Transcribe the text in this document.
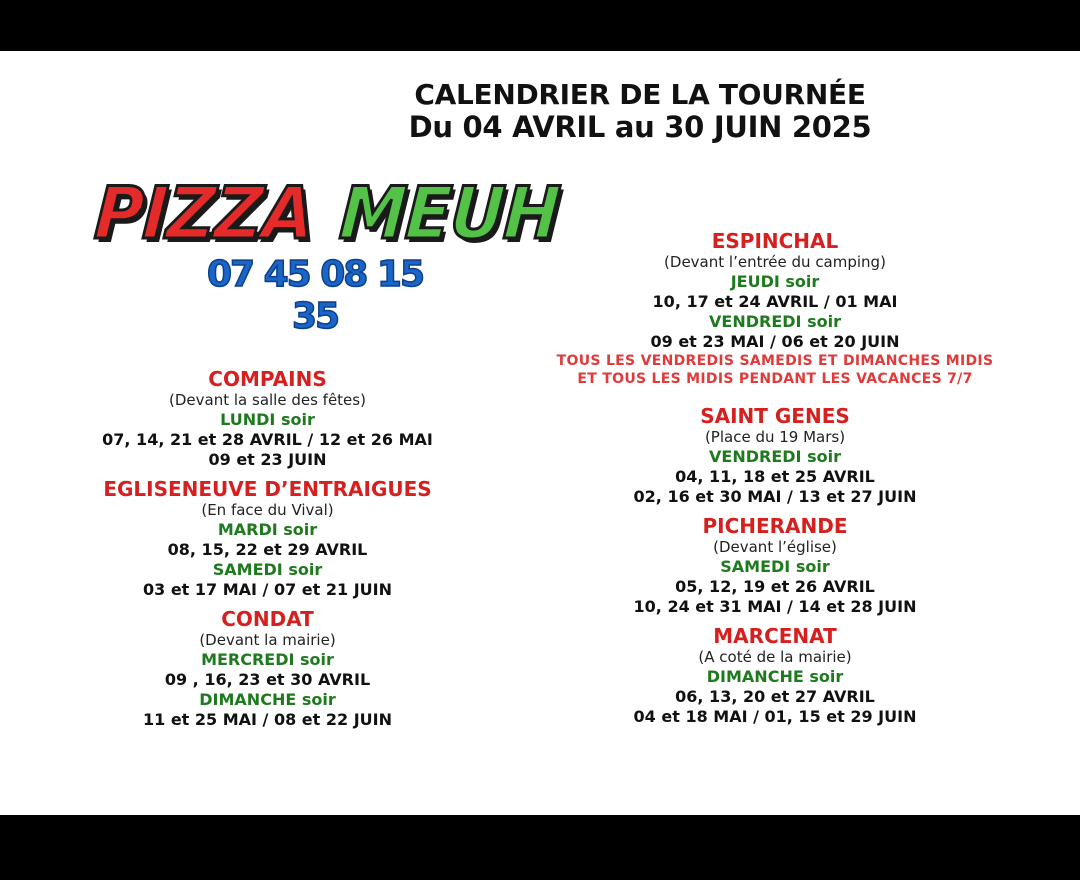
CALENDRIER DE LA TOURNÉE
Du 04 AVRIL au 30 JUIN 2025
PIZZA MEUH
07 45 08 15 35
COMPAINS
(Devant la salle des fêtes)
LUNDI soir
07, 14, 21 et 28 AVRIL / 12 et 26 MAI
09 et 23 JUIN
EGLISENEUVE D’ENTRAIGUES
(En face du Vival)
MARDI soir
08, 15, 22 et 29 AVRIL
SAMEDI soir
03 et 17 MAI / 07 et 21 JUIN
CONDAT
(Devant la mairie)
MERCREDI soir
09 , 16, 23 et 30 AVRIL
DIMANCHE soir
11 et 25 MAI / 08 et 22 JUIN
ESPINCHAL
(Devant l’entrée du camping)
JEUDI soir
10, 17 et 24 AVRIL / 01 MAI
VENDREDI soir
09 et 23 MAI / 06 et 20 JUIN
TOUS LES VENDREDIS SAMEDIS ET DIMANCHES MIDIS
ET TOUS LES MIDIS PENDANT LES VACANCES 7/7
SAINT GENES
(Place du 19 Mars)
VENDREDI soir
04, 11, 18 et 25 AVRIL
02, 16 et 30 MAI / 13 et 27 JUIN
PICHERANDE
(Devant l’église)
SAMEDI soir
05, 12, 19 et 26 AVRIL
10, 24 et 31 MAI / 14 et 28 JUIN
MARCENAT
(A coté de la mairie)
DIMANCHE soir
06, 13, 20 et 27 AVRIL
04 et 18 MAI / 01, 15 et 29 JUIN
